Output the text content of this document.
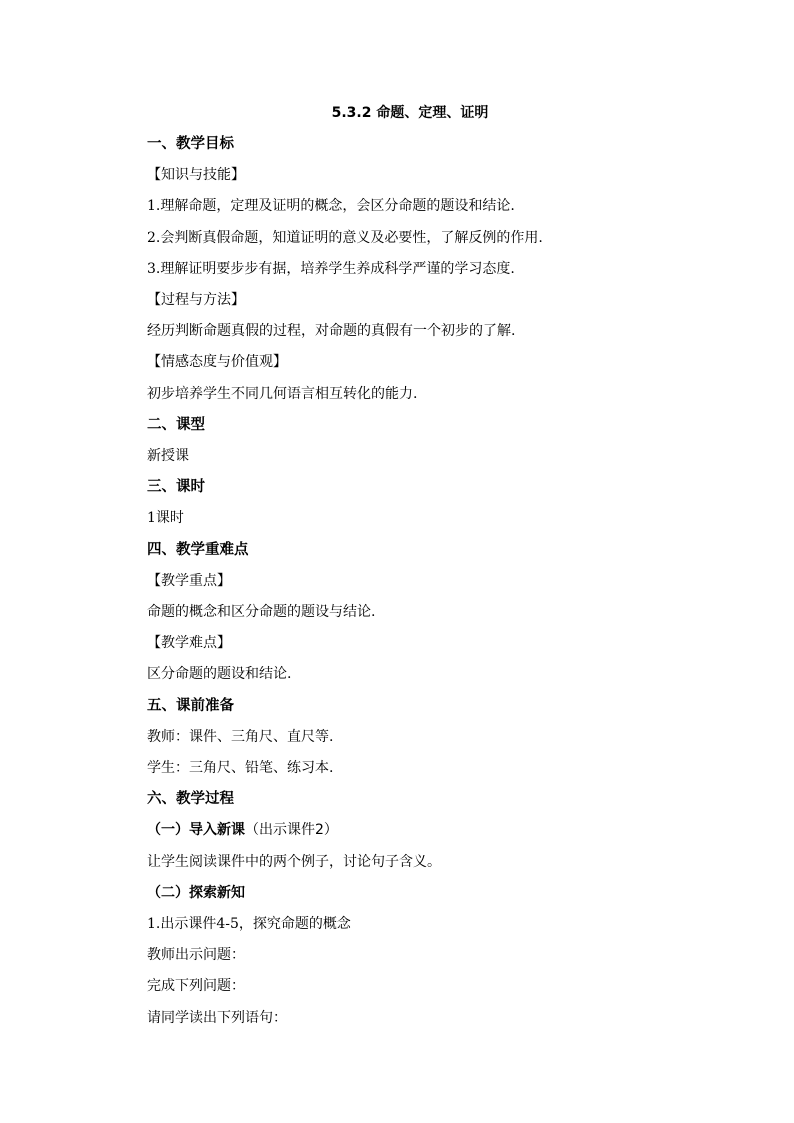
5.3.2 命题、定理、证明
一、教学目标
【知识与技能】
1.理解命题，定理及证明的概念，会区分命题的题设和结论.
2.会判断真假命题，知道证明的意义及必要性，了解反例的作用.
3.理解证明要步步有据，培养学生养成科学严谨的学习态度.
【过程与方法】
经历判断命题真假的过程，对命题的真假有一个初步的了解.
【情感态度与价值观】
初步培养学生不同几何语言相互转化的能力.
二、课型
新授课
三、课时
1课时
四、教学重难点
【教学重点】
命题的概念和区分命题的题设与结论.
【教学难点】
区分命题的题设和结论.
五、课前准备
教师：课件、三角尺、直尺等.
学生：三角尺、铅笔、练习本.
六、教学过程
（一）导入新课（出示课件2）
让学生阅读课件中的两个例子，讨论句子含义。
（二）探索新知
1.出示课件4-5，探究命题的概念
教师出示问题：
完成下列问题：
请同学读出下列语句：
